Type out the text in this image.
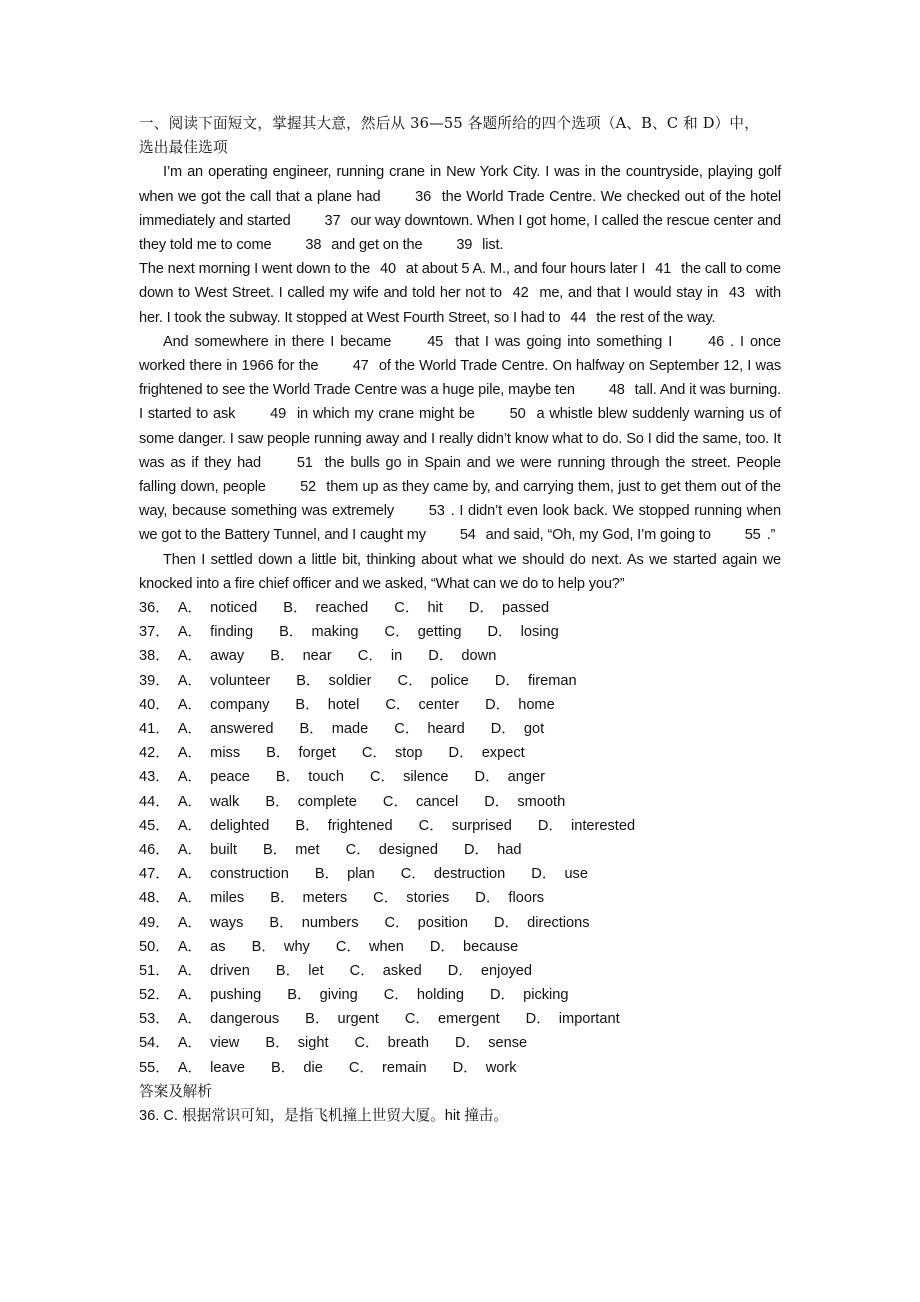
一、阅读下面短文，掌握其大意，然后从 36—55 各题所给的四个选项（A、B、C 和 D）中，
选出最佳选项
I’m an operating engineer, running crane in New York City. I was in the countryside, playing golf when we got the call that a plane had 36 the World Trade Centre. We checked out of the hotel immediately and started 37 our way downtown. When I got home, I called the rescue center and they told me to come 38 and get on the 39 list.
The next morning I went down to the 40 at about 5 A. M., and four hours later I 41 the call to come down to West Street. I called my wife and told her not to 42 me, and that I would stay in 43 with her. I took the subway. It stopped at West Fourth Street, so I had to 44 the rest of the way.
And somewhere in there I became 45 that I was going into something I 46 . I once worked there in 1966 for the 47 of the World Trade Centre. On halfway on September 12, I was frightened to see the World Trade Centre was a huge pile, maybe ten 48 tall. And it was burning. I started to ask 49 in which my crane might be 50 a whistle blew suddenly warning us of some danger. I saw people running away and I really didn’t know what to do. So I did the same, too. It was as if they had 51 the bulls go in Spain and we were running through the street. People falling down, people 52 them up as they came by, and carrying them, just to get them out of the way, because something was extremely 53 . I didn’t even look back. We stopped running when we got to the Battery Tunnel, and I caught my 54 and said, “Oh, my God, I’m going to 55 .”
Then I settled down a little bit, thinking about what we should do next. As we started again we knocked into a fire chief officer and we asked, “What can we do to help you?”
36． A． noticed B． reached C． hit D． passed
37． A． finding B． making C． getting D． losing
38． A． away B． near C． in D． down
39． A． volunteer B． soldier C． police D． fireman
40． A． company B． hotel C． center D． home
41． A． answered B． made C． heard D． got
42． A． miss B． forget C． stop D． expect
43． A． peace B． touch C． silence D． anger
44． A． walk B． complete C． cancel D． smooth
45． A． delighted B． frightened C． surprised D． interested
46． A． built B． met C． designed D． had
47． A． construction B． plan C． destruction D． use
48． A． miles B． meters C． stories D． floors
49． A． ways B． numbers C． position D． directions
50． A． as B． why C． when D． because
51． A． driven B． let C． asked D． enjoyed
52． A． pushing B． giving C． holding D． picking
53． A． dangerous B． urgent C． emergent D． important
54． A． view B． sight C． breath D． sense
55． A． leave B． die C． remain D． work
答案及解析
36. C. 根据常识可知，是指飞机撞上世贸大厦。hit 撞击。
